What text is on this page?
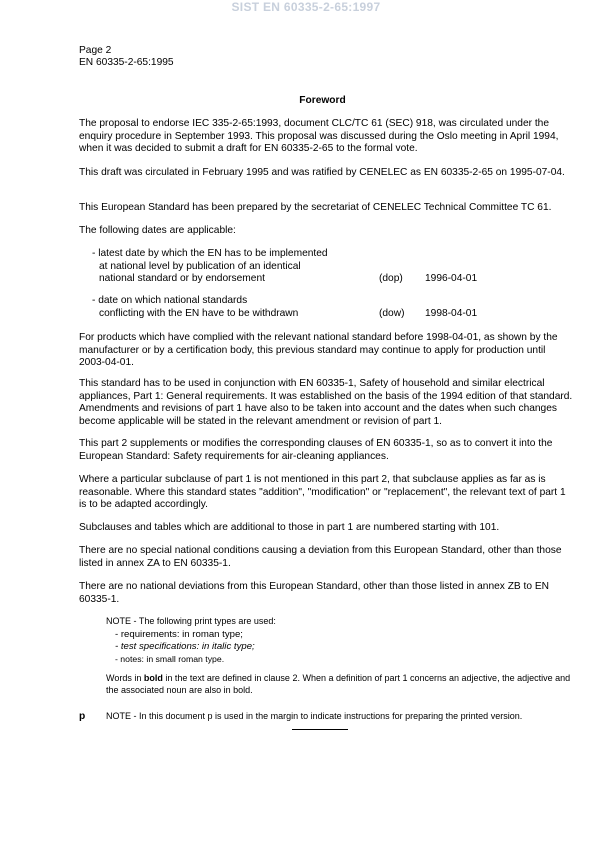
SIST EN 60335-2-65:1997
Page 2
EN 60335-2-65:1995
Foreword
The proposal to endorse IEC 335-2-65:1993, document CLC/TC 61 (SEC) 918, was circulated under the enquiry procedure in September 1993. This proposal was discussed during the Oslo meeting in April 1994, when it was decided to submit a draft for EN 60335-2-65 to the formal vote.
This draft was circulated in February 1995 and was ratified by CENELEC as EN 60335-2-65 on 1995-07-04.
This European Standard has been prepared by the secretariat of CENELEC Technical Committee TC 61.
The following dates are applicable:
- latest date by which the EN has to be implemented
at national level by publication of an identical
national standard or by endorsement	(dop)	1996-04-01
- date on which national standards
conflicting with the EN have to be withdrawn	(dow)	1998-04-01
For products which have complied with the relevant national standard before 1998-04-01, as shown by the manufacturer or by a certification body, this previous standard may continue to apply for production until 2003-04-01.
This standard has to be used in conjunction with EN 60335-1, Safety of household and similar electrical appliances, Part 1: General requirements. It was established on the basis of the 1994 edition of that standard. Amendments and revisions of part 1 have also to be taken into account and the dates when such changes become applicable will be stated in the relevant amendment or revision of part 1.
This part 2 supplements or modifies the corresponding clauses of EN 60335-1, so as to convert it into the European Standard: Safety requirements for air-cleaning appliances.
Where a particular subclause of part 1 is not mentioned in this part 2, that subclause applies as far as is reasonable. Where this standard states "addition", "modification" or "replacement", the relevant text of part 1 is to be adapted accordingly.
Subclauses and tables which are additional to those in part 1 are numbered starting with 101.
There are no special national conditions causing a deviation from this European Standard, other than those listed in annex ZA to EN 60335-1.
There are no national deviations from this European Standard, other than those listed in annex ZB to EN 60335-1.
NOTE - The following print types are used:
- requirements: in roman type;
- test specifications: in italic type;
- notes: in small roman type.
Words in bold in the text are defined in clause 2. When a definition of part 1 concerns an adjective, the adjective and the associated noun are also in bold.
p NOTE - In this document p is used in the margin to indicate instructions for preparing the printed version.
